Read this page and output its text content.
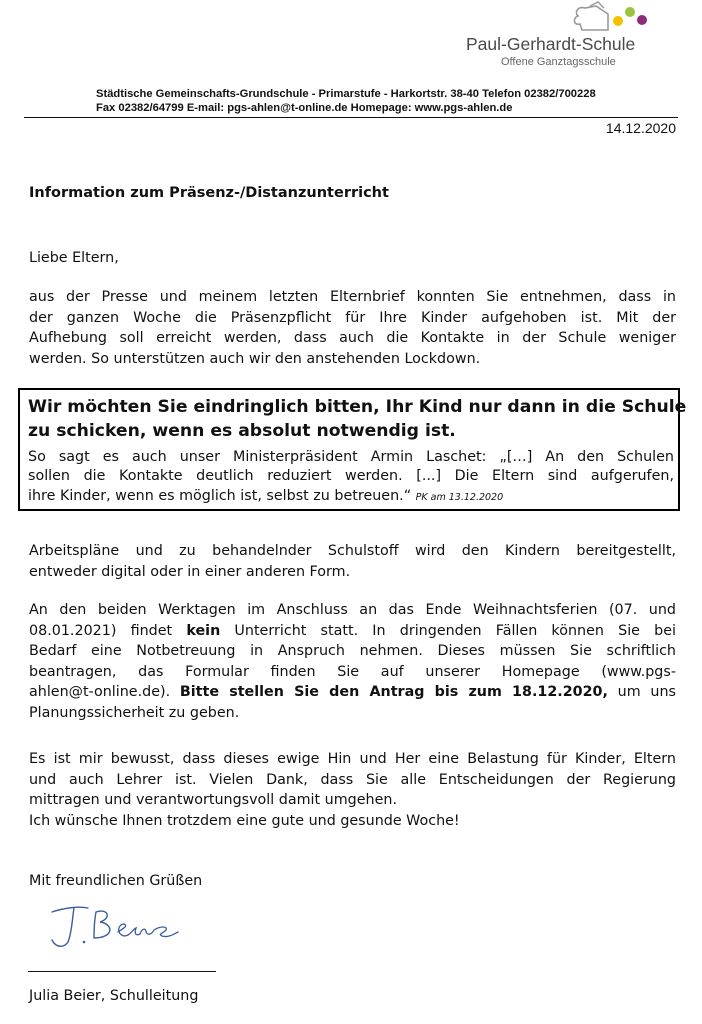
Paul-Gerhardt-Schule
Offene Ganztagsschule
Städtische Gemeinschafts-Grundschule - Primarstufe - Harkortstr. 38-40 Telefon 02382/700228
Fax 02382/64799 E-mail: pgs-ahlen@t-online.de Homepage: www.pgs-ahlen.de
14.12.2020
Information zum Präsenz-/Distanzunterricht
Liebe Eltern,
aus der Presse und meinem letzten Elternbrief konnten Sie entnehmen, dass in
der ganzen Woche die Präsenzpflicht für Ihre Kinder aufgehoben ist. Mit der
Aufhebung soll erreicht werden, dass auch die Kontakte in der Schule weniger
werden. So unterstützen auch wir den anstehenden Lockdown.
Wir möchten Sie eindringlich bitten, Ihr Kind nur dann in die Schule
zu schicken, wenn es absolut notwendig ist.
So sagt es auch unser Ministerpräsident Armin Laschet: „[…] An den Schulen
sollen die Kontakte deutlich reduziert werden. [...] Die Eltern sind aufgerufen,
ihre Kinder, wenn es möglich ist, selbst zu betreuen.“ PK am 13.12.2020
Arbeitspläne und zu behandelnder Schulstoff wird den Kindern bereitgestellt,
entweder digital oder in einer anderen Form.
An den beiden Werktagen im Anschluss an das Ende Weihnachtsferien (07. und
08.01.2021) findet kein Unterricht statt. In dringenden Fällen können Sie bei
Bedarf eine Notbetreuung in Anspruch nehmen. Dieses müssen Sie schriftlich
beantragen, das Formular finden Sie auf unserer Homepage (www.pgs-
ahlen@t-online.de). Bitte stellen Sie den Antrag bis zum 18.12.2020, um uns
Planungssicherheit zu geben.
Es ist mir bewusst, dass dieses ewige Hin und Her eine Belastung für Kinder, Eltern
und auch Lehrer ist. Vielen Dank, dass Sie alle Entscheidungen der Regierung
mittragen und verantwortungsvoll damit umgehen.
Ich wünsche Ihnen trotzdem eine gute und gesunde Woche!
Mit freundlichen Grüßen
Julia Beier, Schulleitung
